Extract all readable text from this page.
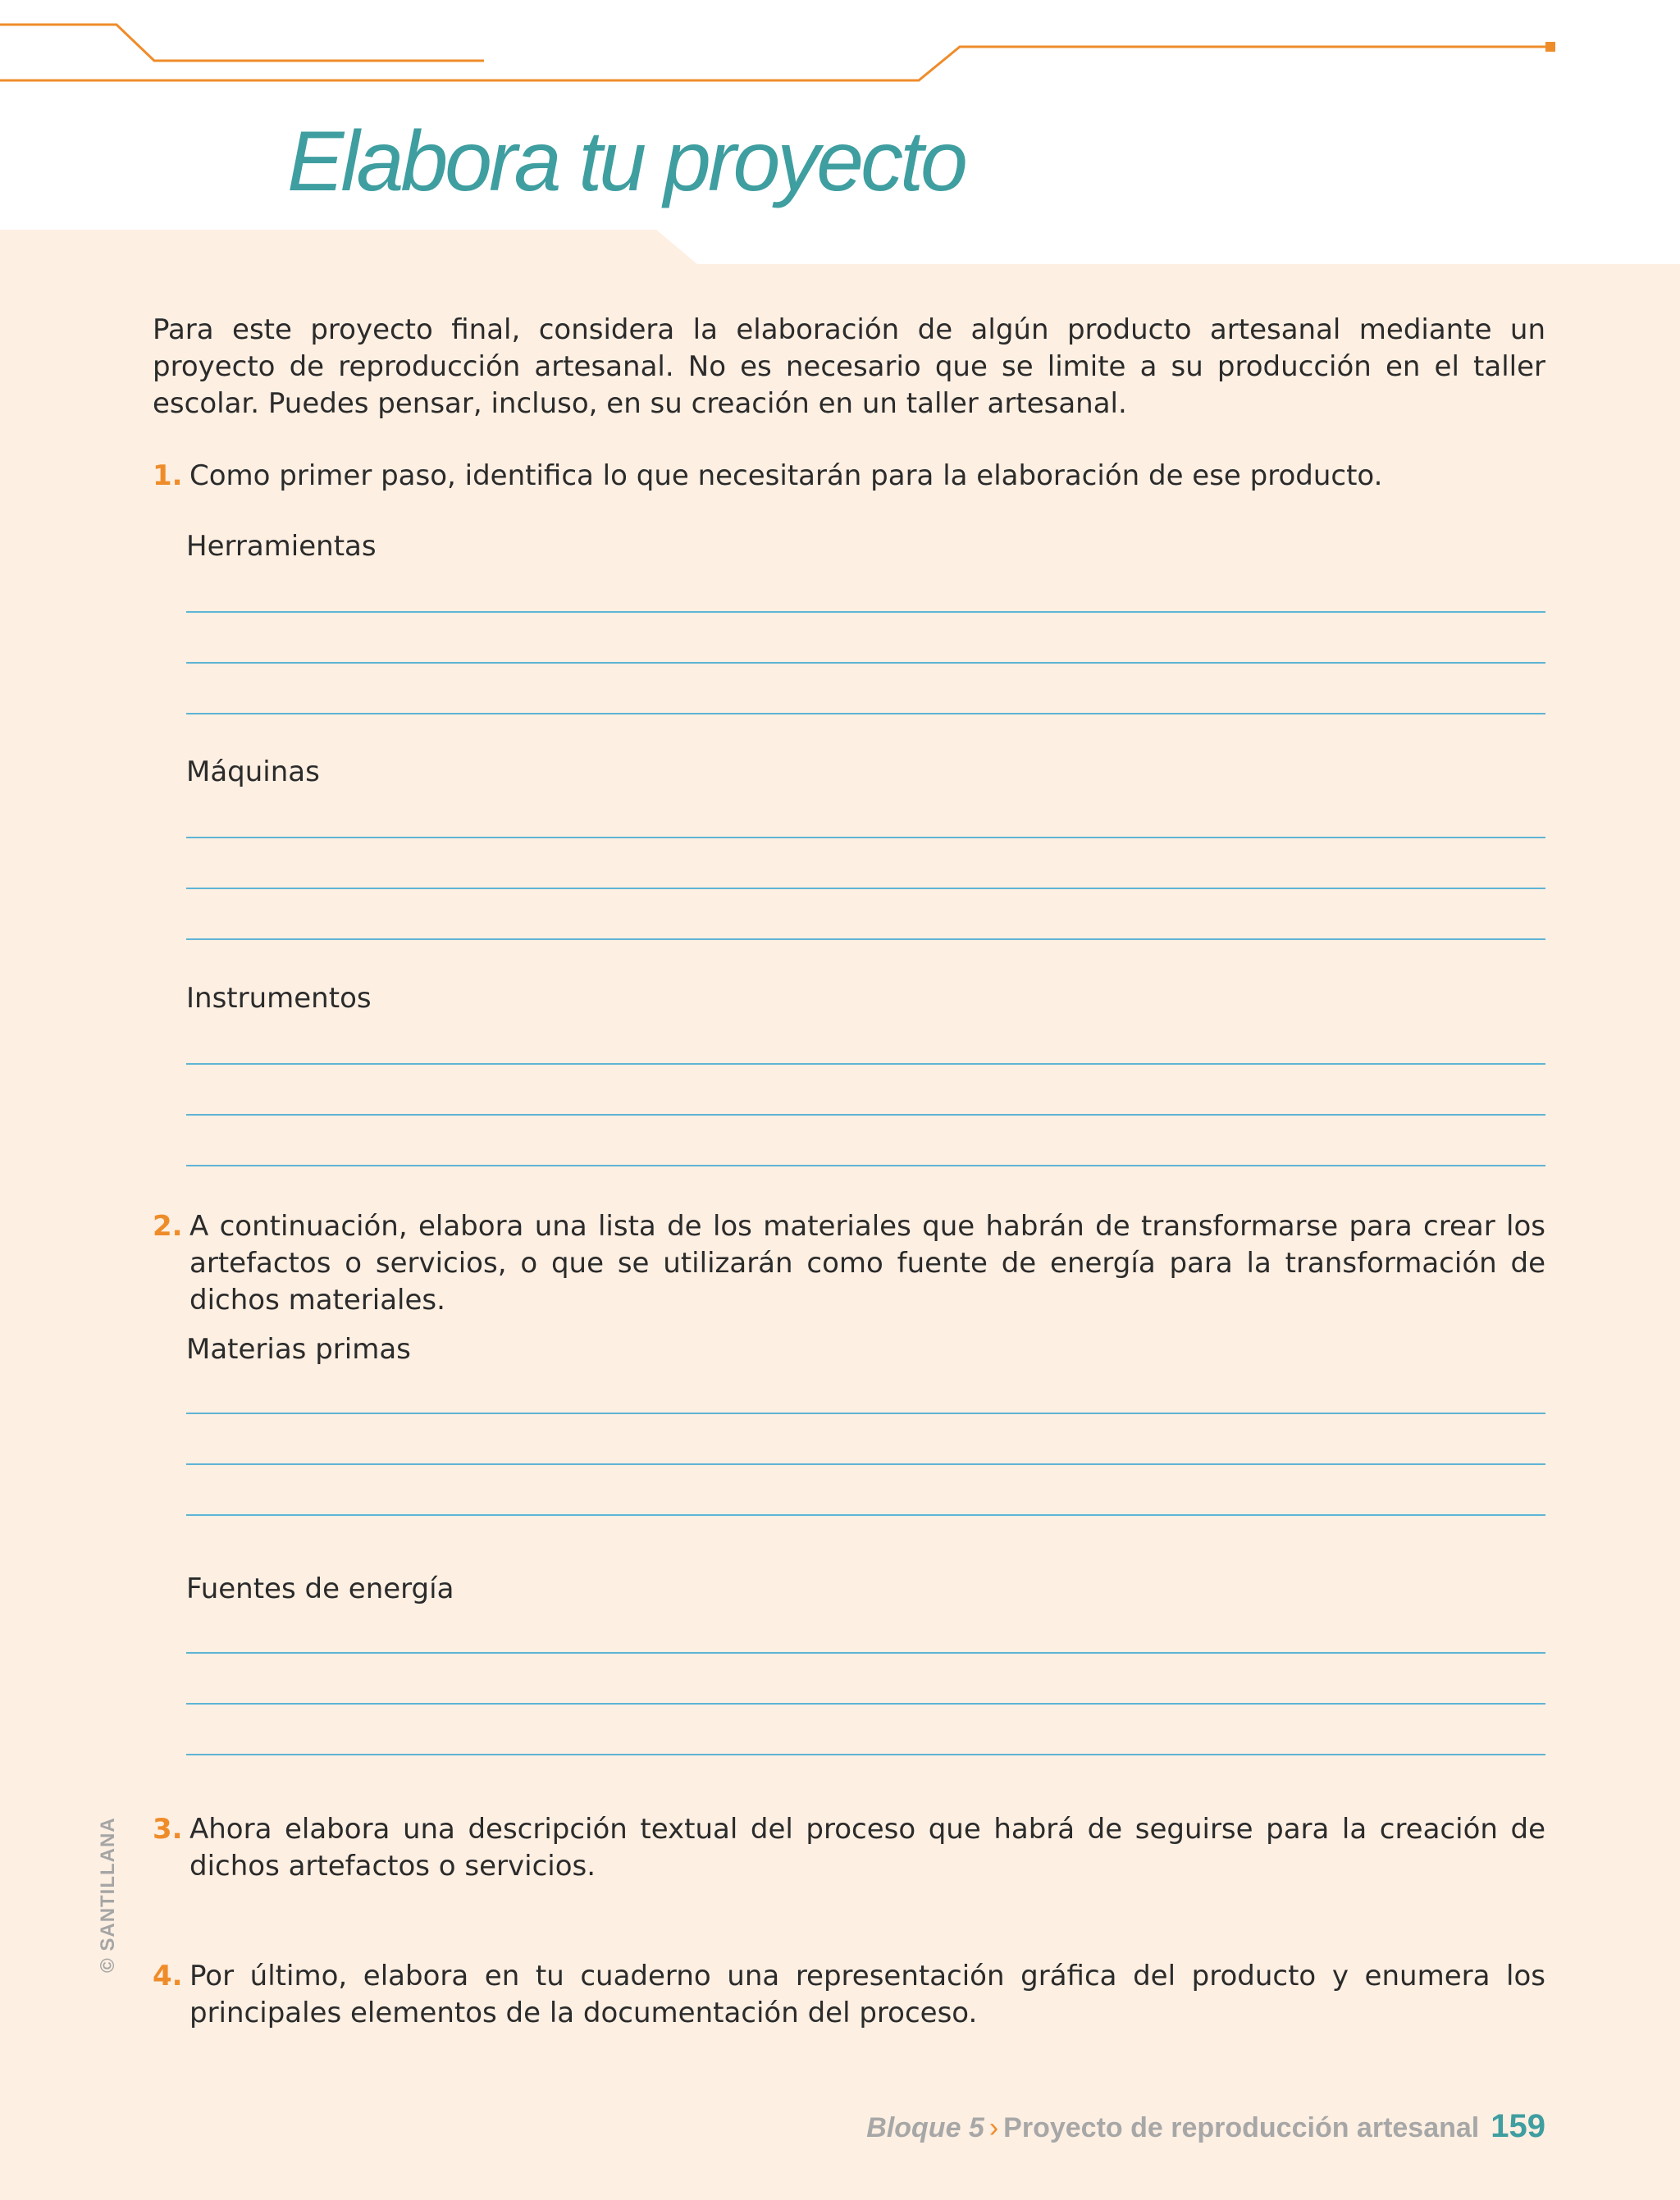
Elabora tu proyecto
Para este proyecto final, considera la elaboración de algún producto artesanal mediante un proyecto de reproducción artesanal. No es necesario que se limite a su producción en el taller escolar. Puedes pensar, incluso, en su creación en un taller artesanal.
1. Como primer paso, identifica lo que necesitarán para la elaboración de ese producto.
Herramientas
Máquinas
Instrumentos
2. A continuación, elabora una lista de los materiales que habrán de transformarse para crear los artefactos o servicios, o que se utilizarán como fuente de energía para la transformación de dichos materiales.
Materias primas
Fuentes de energía
3. Ahora elabora una descripción textual del proceso que habrá de seguirse para la creación de dichos artefactos o servicios.
4. Por último, elabora en tu cuaderno una representación gráfica del producto y enumera los principales elementos de la documentación del proceso.
© SANTILLANA
Bloque 5 › Proyecto de reproducción artesanal 159
